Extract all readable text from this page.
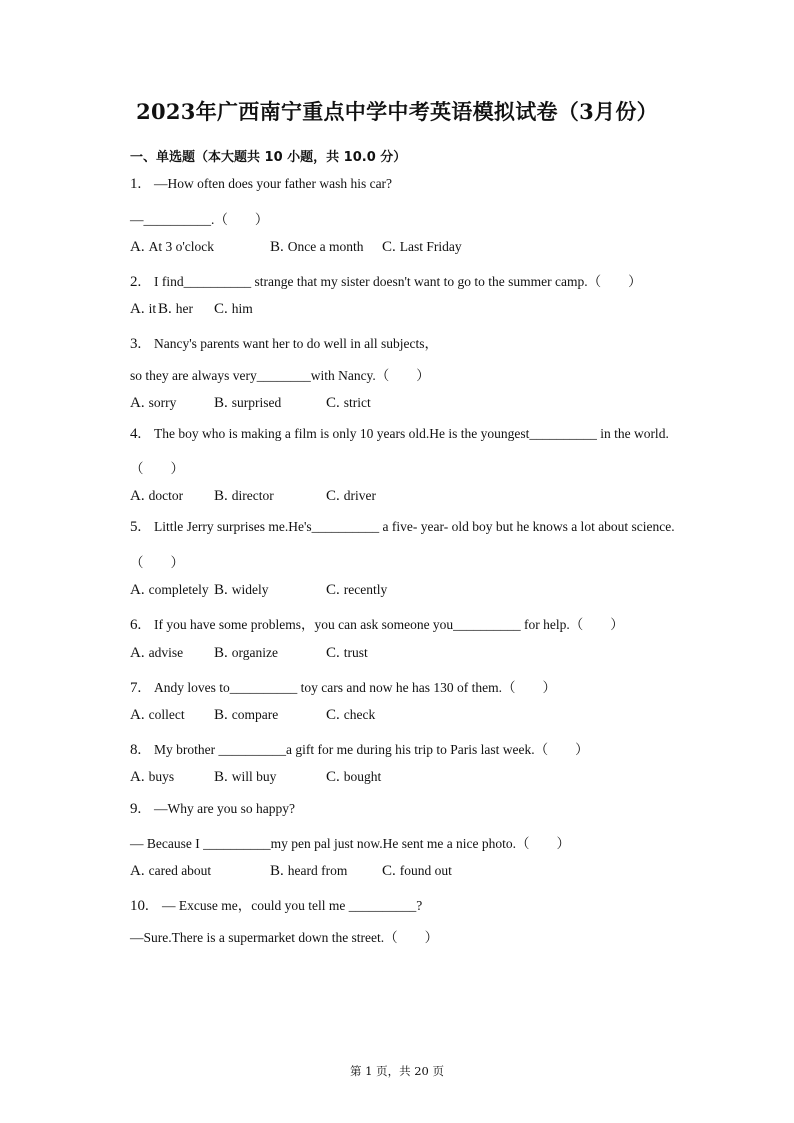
2023年广西南宁重点中学中考英语模拟试卷（3月份）
一、单选题（本大题共 10 小题，共 10.0 分）
1. —How often does your father wash his car?
—__________.（　　）
A. At 3 o'clock	B. Once a month C. Last Friday
2. I find__________ strange that my sister doesn't want to go to the summer camp.（　　）
A. it B. her C. him
3. Nancy's parents want her to do well in all subjects，
so they are always very________with Nancy.（　　）
A. sorry	B. surprised	C. strict
4. The boy who is making a film is only 10 years old.He is the youngest__________ in the world.
（　　）
A. doctor B. director	C. driver
5. Little Jerry surprises me.He's__________ a five- year- old boy but he knows a lot about science.
（　　）
A. completely B. widely	C. recently
6. If you have some problems，you can ask someone you__________ for help.（　　）
A. advise B. organize	C. trust
7. Andy loves to__________ toy cars and now he has 130 of them.（　　）
A. collect B. compare	C. check
8. My brother __________a gift for me during his trip to Paris last week.（　　）
A. buys	B. will buy	C. bought
9. —Why are you so happy?
— Because I __________my pen pal just now.He sent me a nice photo.（　　）
A. cared about	B. heard from C. found out
10. — Excuse me，could you tell me __________?
—Sure.There is a supermarket down the street.（　　）
第 1 页，共 20 页
